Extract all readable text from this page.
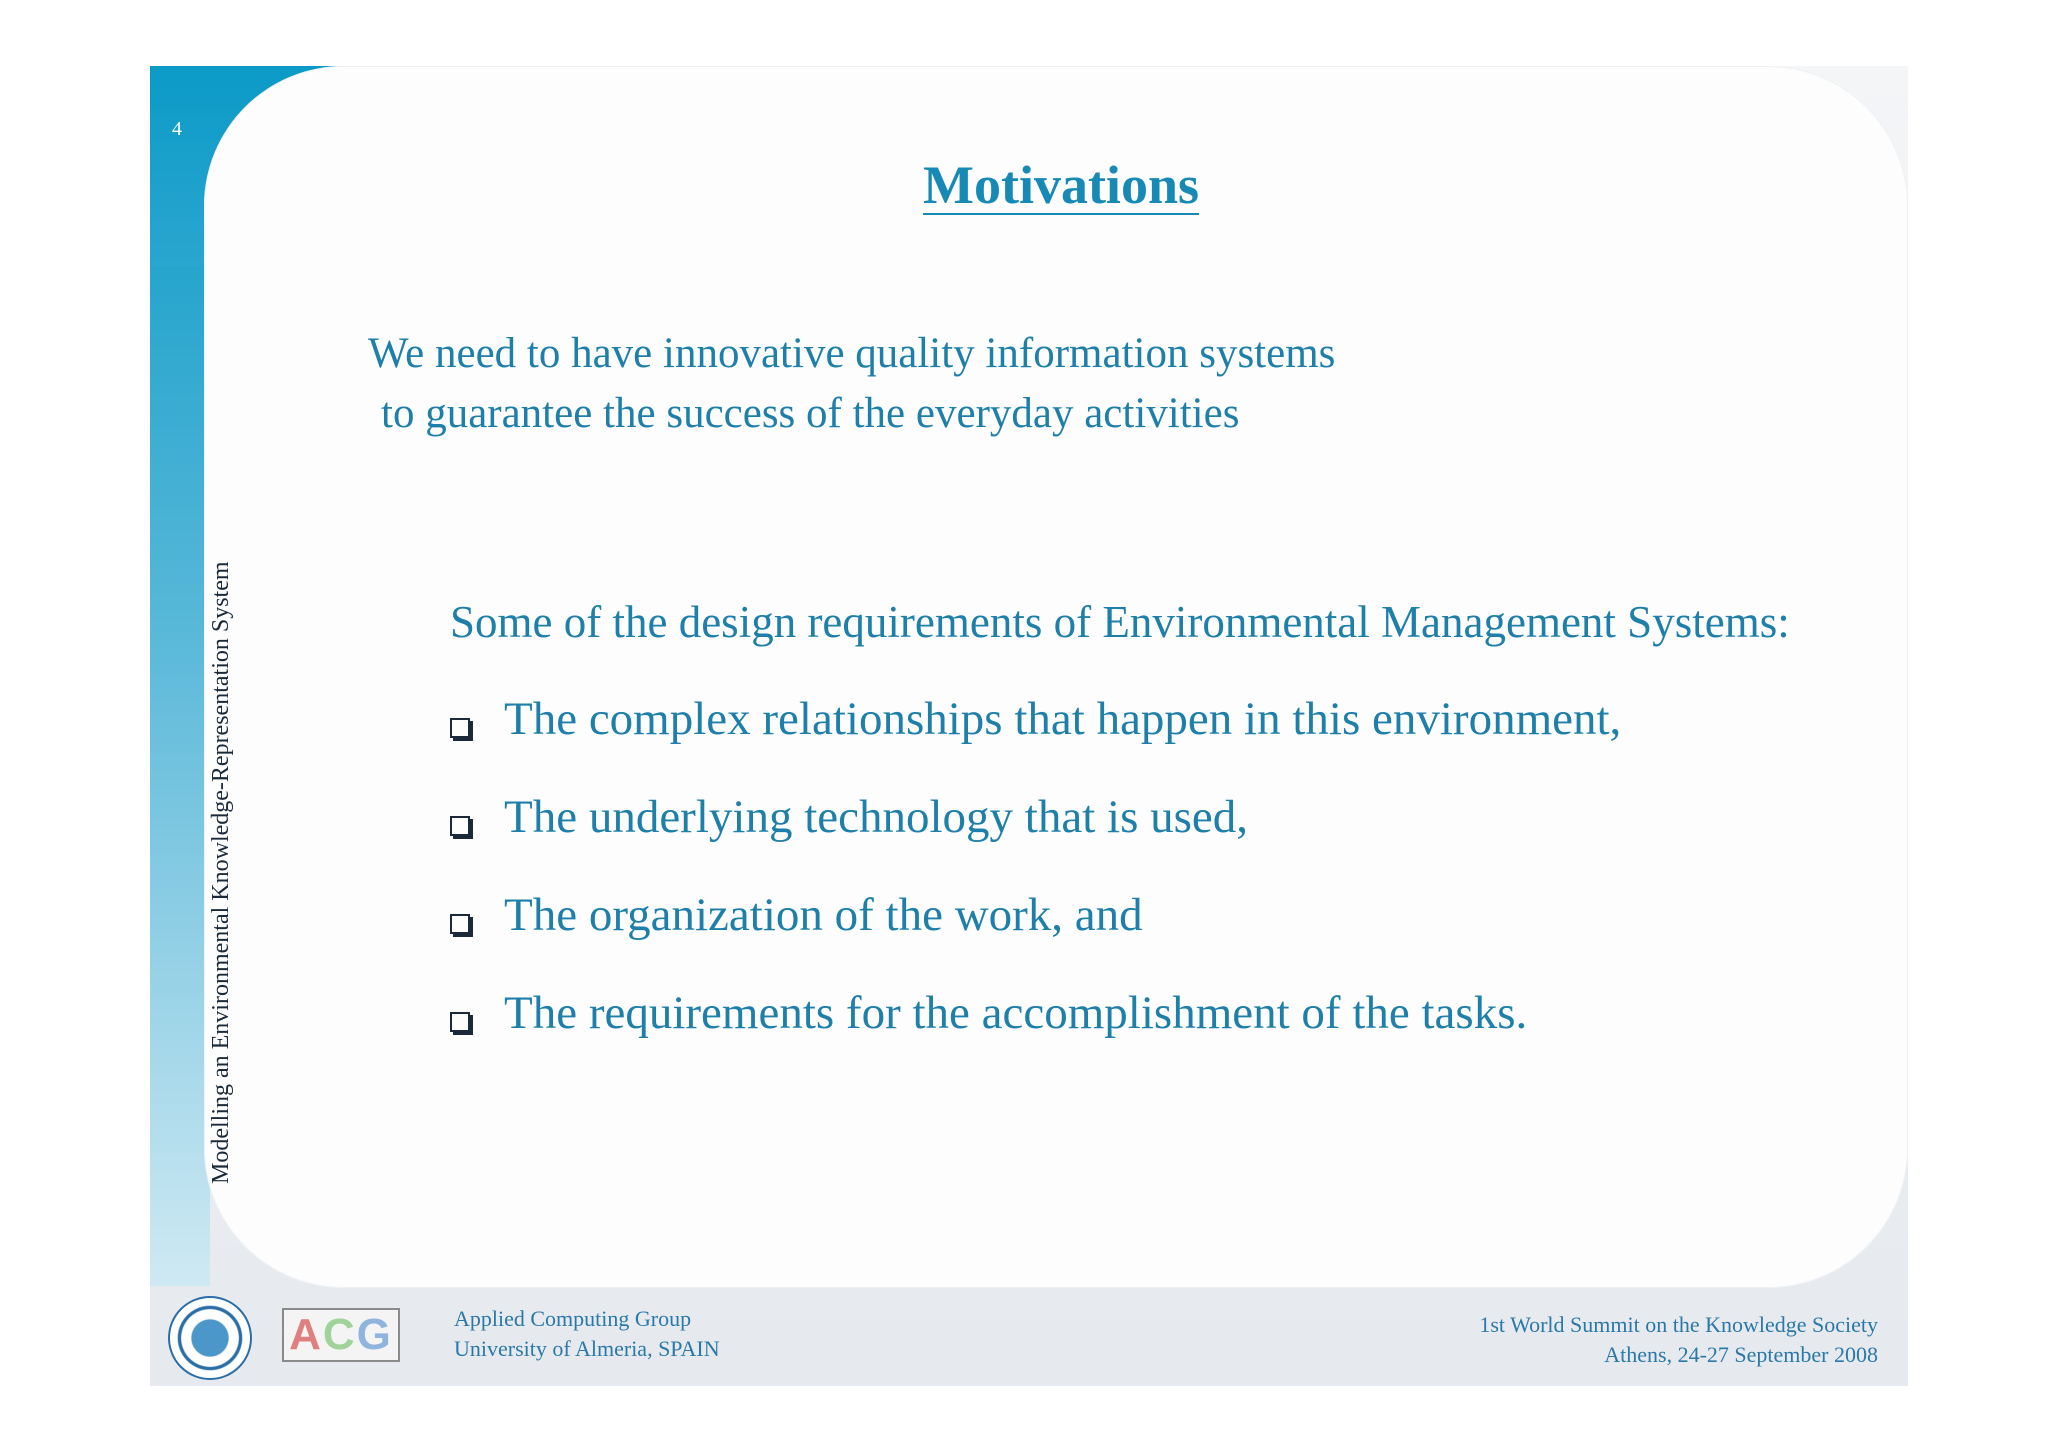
Motivations
We need to have innovative quality information systems
to guarantee the success of the everyday activities
Some of the design requirements of Environmental Management Systems:
The complex relationships that happen in this environment,
The underlying technology that is used,
The organization of the work, and
The requirements for the accomplishment of the tasks.
4
Modelling an Environmental Knowledge-Representation System
A C G	Applied Computing Group
University of Almeria, SPAIN
1st World Summit on the Knowledge Society
Athens, 24-27 September 2008
